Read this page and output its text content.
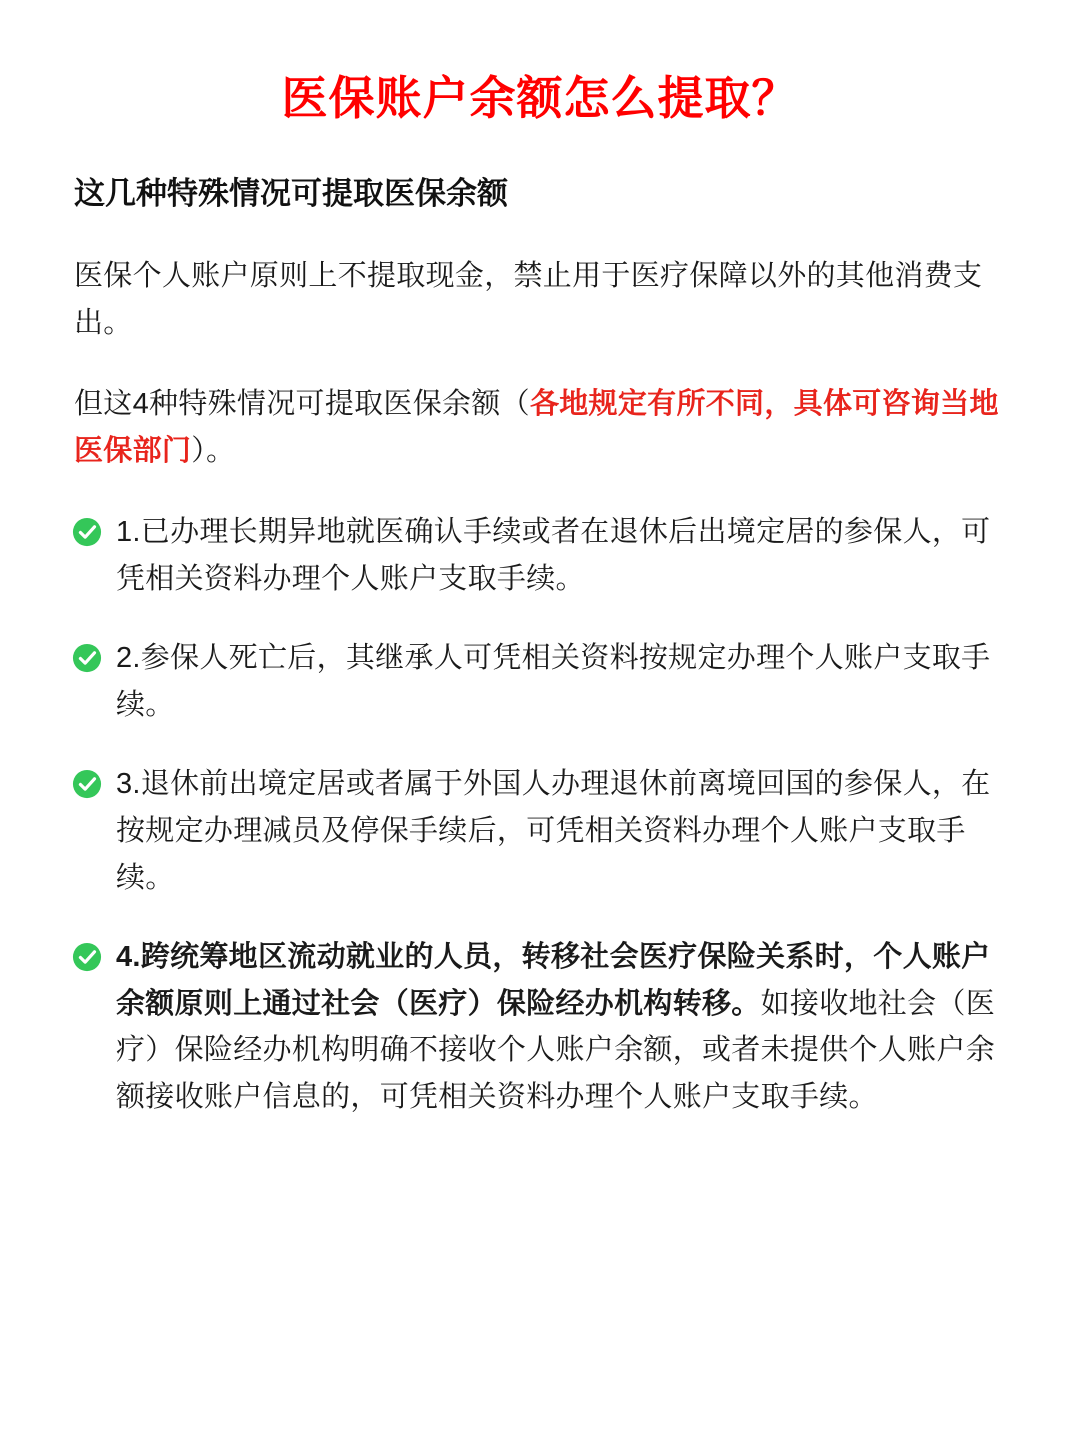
医保账户余额怎么提取？
这几种特殊情况可提取医保余额

医保个人账户原则上不提取现金，禁止用于医疗保障以外的其他消费支出。

但这4种特殊情况可提取医保余额（各地规定有所不同，具体可咨询当地医保部门）。

1.已办理长期异地就医确认手续或者在退休后出境定居的参保人，可凭相关资料办理个人账户支取手续。
2.参保人死亡后，其继承人可凭相关资料按规定办理个人账户支取手续。
3.退休前出境定居或者属于外国人办理退休前离境回国的参保人，在按规定办理减员及停保手续后，可凭相关资料办理个人账户支取手续。
4.跨统筹地区流动就业的人员，转移社会医疗保险关系时，个人账户余额原则上通过社会（医疗）保险经办机构转移。如接收地社会（医疗）保险经办机构明确不接收个人账户余额，或者未提供个人账户余额接收账户信息的，可凭相关资料办理个人账户支取手续。
